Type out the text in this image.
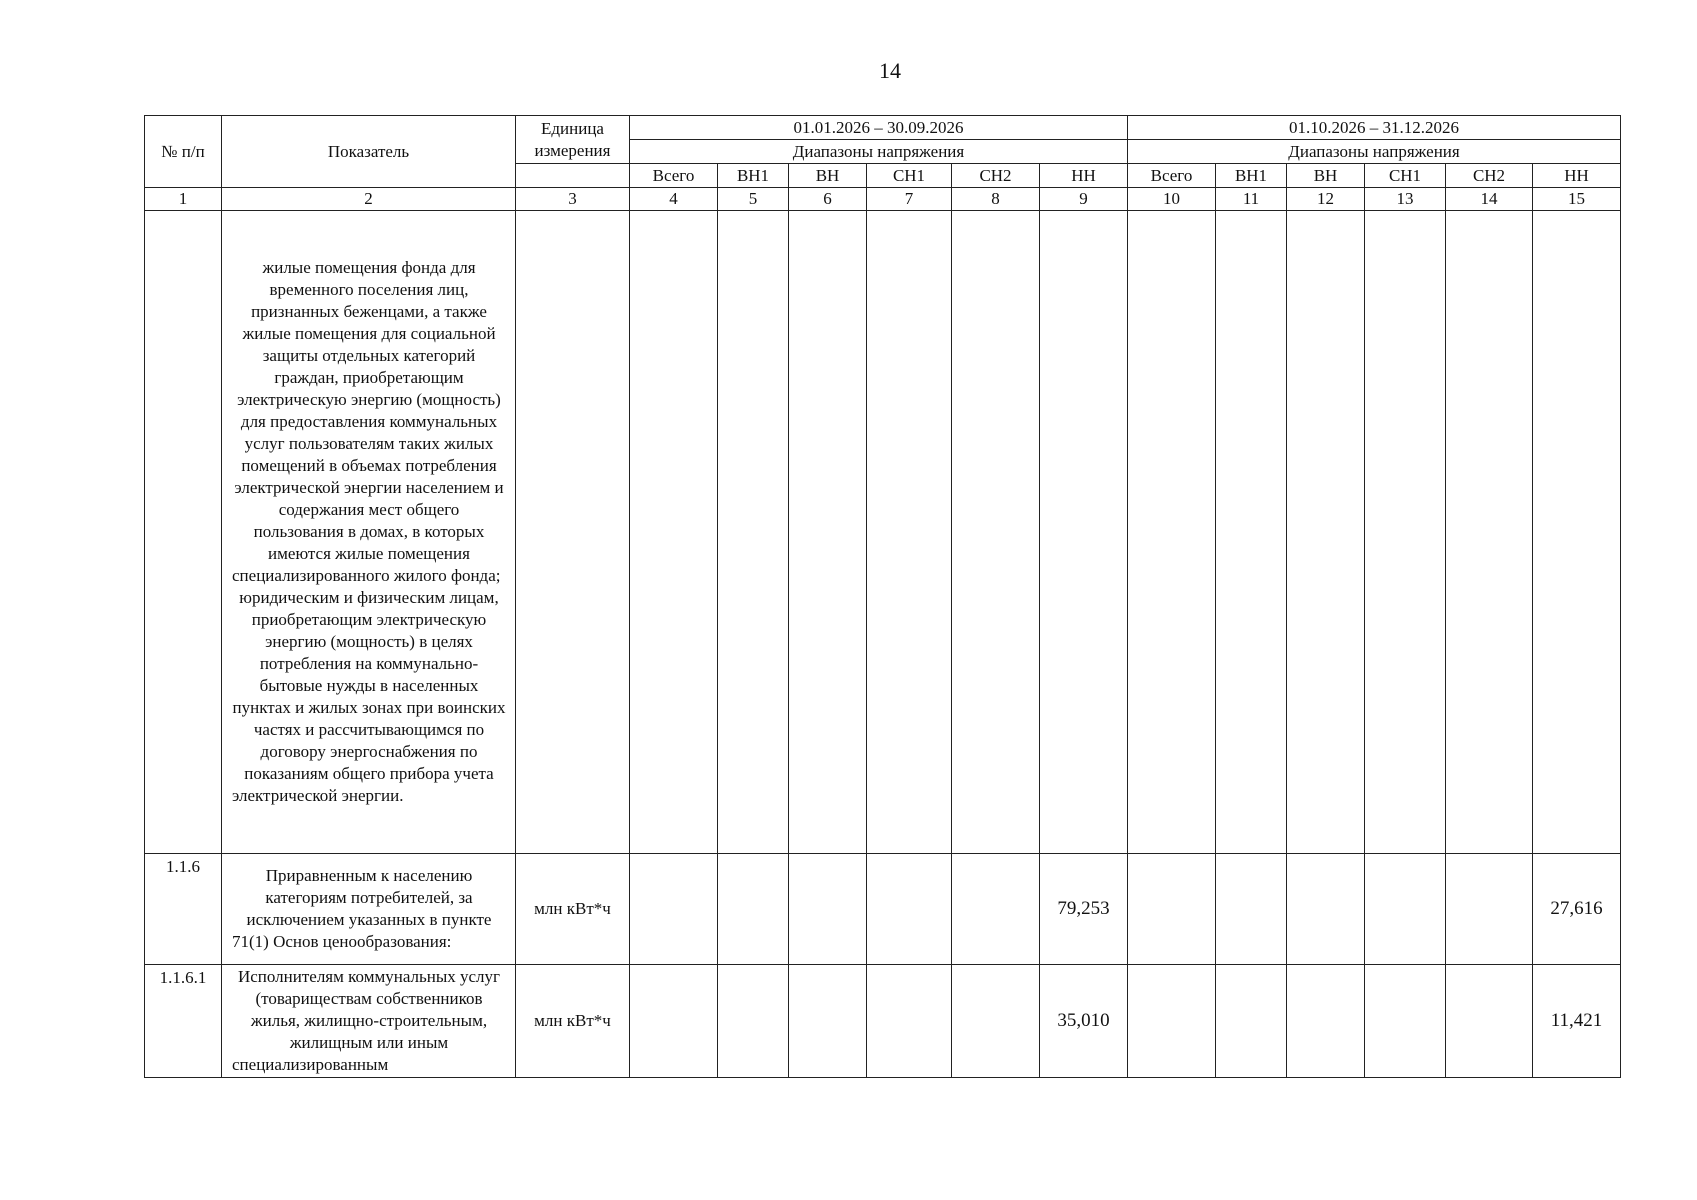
14
№ п/п	Показатель	Единица измерения	01.01.2026 – 30.09.2026						01.10.2026 – 31.12.2026					
			Диапазоны напряжения						Диапазоны напряжения					
			Всего	ВН1	ВН	СН1	СН2	НН	Всего	ВН1	ВН	СН1	СН2	НН
1	2	3	4	5	6	7	8	9	10	11	12	13	14	15

	жилые помещения фонда для временного поселения лиц, признанных беженцами, а также жилые помещения для социальной защиты отдельных категорий граждан, приобретающим электрическую энергию (мощность) для предоставления коммунальных услуг пользователям таких жилых помещений в объемах потребления электрической энергии населением и содержания мест общего пользования в домах, в которых имеются жилые помещения специализированного жилого фонда;
юридическим и физическим лицам, приобретающим электрическую энергию (мощность) в целях потребления на коммунально-бытовые нужды в населенных пунктах и жилых зонах при воинских частях и рассчитывающимся по договору энергоснабжения по показаниям общего прибора учета электрической энергии.													

1.1.6	Приравненным к населению категориям потребителей, за исключением указанных в пункте 71(1) Основ ценообразования:	млн кВт*ч						79,253						27,616
1.1.6.1	Исполнителям коммунальных услуг (товариществам собственников жилья, жилищно-строительным, жилищным или иным специализированным	млн кВт*ч						35,010						11,421
